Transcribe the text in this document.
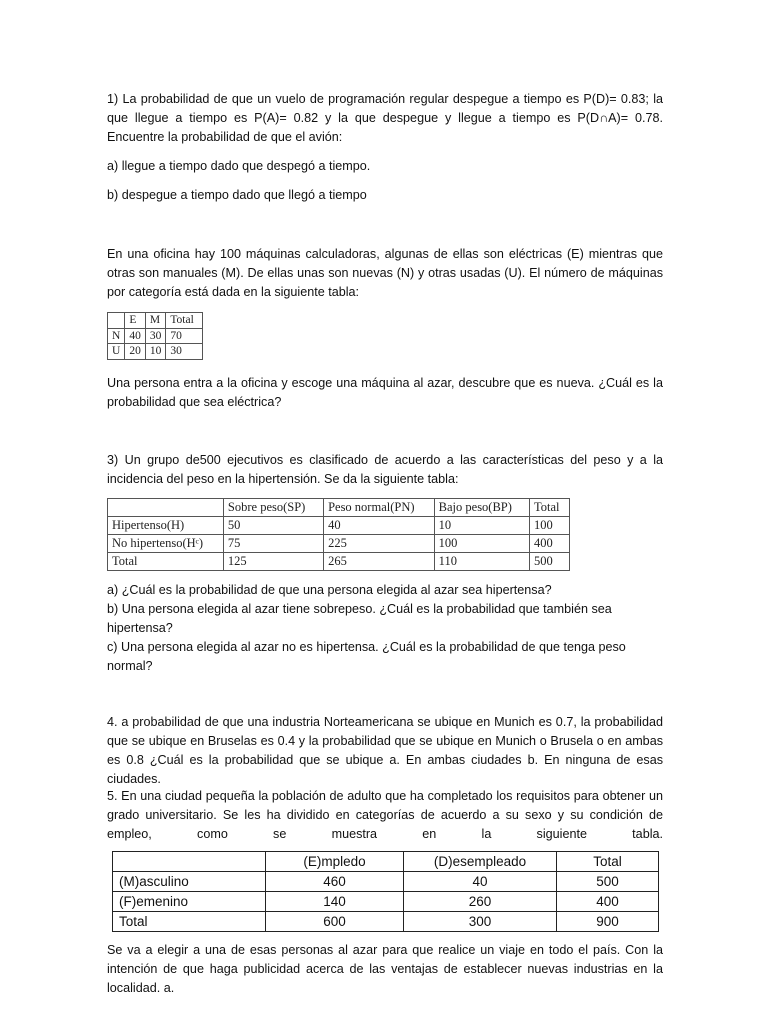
1) La probabilidad de que un vuelo de programación regular despegue a tiempo es P(D)= 0.83; la que llegue a tiempo es P(A)= 0.82 y la que despegue y llegue a tiempo es P(D∩A)= 0.78. Encuentre la probabilidad de que el avión:

a) llegue a tiempo dado que despegó a tiempo.

b) despegue a tiempo dado que llegó a tiempo

En una oficina hay 100 máquinas calculadoras, algunas de ellas son eléctricas (E) mientras que otras son manuales (M). De ellas unas son nuevas (N) y otras usadas (U). El número de máquinas por categoría está dada en la siguiente tabla:

	E	M	Total
N	40	30	70
U	20	10	30

Una persona entra a la oficina y escoge una máquina al azar, descubre que es nueva. ¿Cuál es la probabilidad que sea eléctrica?

3) Un grupo de500 ejecutivos es clasificado de acuerdo a las características del peso y a la incidencia del peso en la hipertensión. Se da la siguiente tabla:

	Sobre peso(SP)	Peso normal(PN)	Bajo peso(BP)	Total
Hipertenso(H)	50	40	10	100
No hipertenso(Hᶜ)	75	225	100	400
Total	125	265	110	500

a) ¿Cuál es la probabilidad de que una persona elegida al azar sea hipertensa?

b) Una persona elegida al azar tiene sobrepeso. ¿Cuál es la probabilidad que también sea hipertensa?

c) Una persona elegida al azar no es hipertensa. ¿Cuál es la probabilidad de que tenga peso normal?

4. a probabilidad de que una industria Norteamericana se ubique en Munich es 0.7, la probabilidad que se ubique en Bruselas es 0.4 y la probabilidad que se ubique en Munich o Brusela o en ambas es 0.8 ¿Cuál es la probabilidad que se ubique a. En ambas ciudades b. En ninguna de esas ciudades.

5. En una ciudad pequeña la población de adulto que ha completado los requisitos para obtener un grado universitario. Se les ha dividido en categorías de acuerdo a su sexo y su condición de empleo, como se muestra en la siguiente tabla.

	(E)mpledo	(D)esempleado	Total
(M)asculino	460	40	500
(F)emenino	140	260	400
Total	600	300	900

Se va a elegir a una de esas personas al azar para que realice un viaje en todo el país. Con la intención de que haga publicidad acerca de las ventajas de establecer nuevas industrias en la localidad. a.
